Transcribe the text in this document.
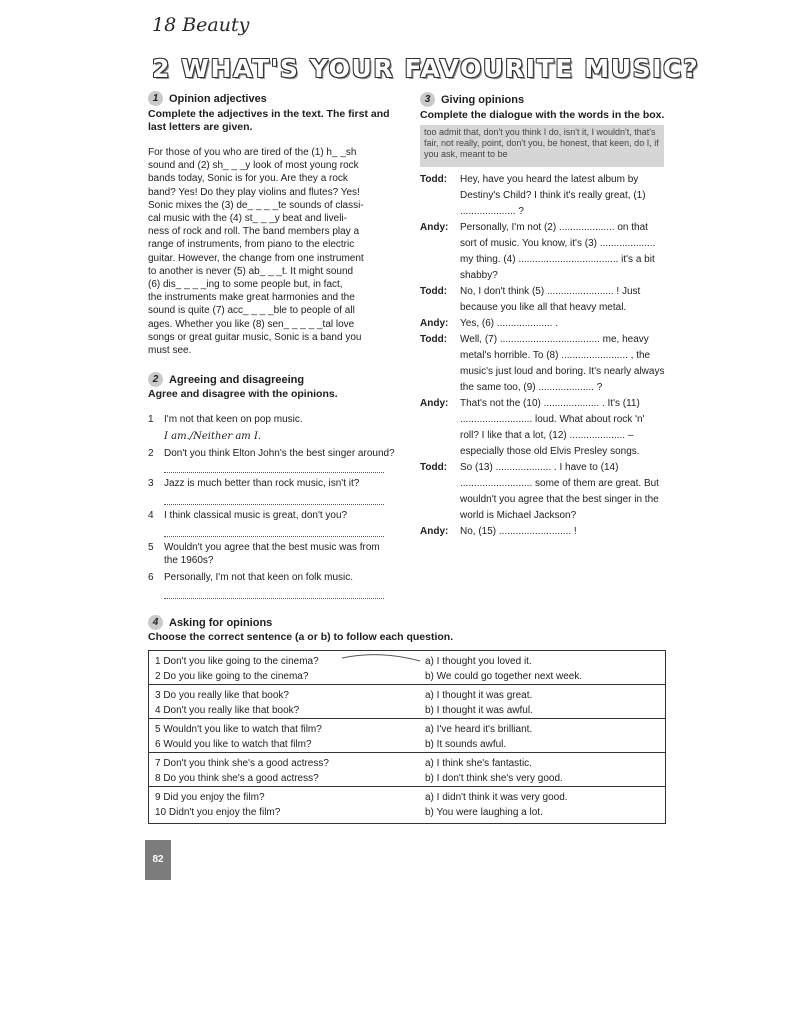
18 Beauty
2 WHAT'S YOUR FAVOURITE MUSIC?
1 Opinion adjectives
Complete the adjectives in the text. The first and last letters are given.
For those of you who are tired of the (1) h_ _sh
sound and (2) sh_ _ _y look of most young rock
bands today, Sonic is for you. Are they a rock
band? Yes! Do they play violins and flutes? Yes!
Sonic mixes the (3) de_ _ _ _te sounds of classi-
cal music with the (4) st_ _ _y beat and liveli-
ness of rock and roll. The band members play a
range of instruments, from piano to the electric
guitar. However, the change from one instrument
to another is never (5) ab_ _ _t. It might sound
(6) dis_ _ _ _ing to some people but, in fact,
the instruments make great harmonies and the
sound is quite (7) acc_ _ _ _ble to people of all
ages. Whether you like (8) sen_ _ _ _ _tal love
songs or great guitar music, Sonic is a band you
must see.
2 Agreeing and disagreeing
Agree and disagree with the opinions.
1 I'm not that keen on pop music.
I am./Neither am I.
2 Don't you think Elton John's the best singer around?
3 Jazz is much better than rock music, isn't it?
4 I think classical music is great, don't you?
5 Wouldn't you agree that the best music was from the 1960s?
6 Personally, I'm not that keen on folk music.
3 Giving opinions
Complete the dialogue with the words in the box.
too admit that, don't you think I do, isn't it, I wouldn't, that's fair, not really, point, don't you, be honest, that keen, do I, if you ask, meant to be
Todd:	Hey, have you heard the latest album by Destiny's Child? I think it's really great, (1) .................... ?
Andy:	Personally, I'm not (2) .................... on that sort of music. You know, it's (3) .................... my thing. (4) .................................... it's a bit shabby?
Todd:	No, I don't think (5) ........................ ! Just because you like all that heavy metal.
Andy:	Yes, (6) .................... .
Todd:	Well, (7) .................................... me, heavy metal's horrible. To (8) ........................ , the music's just loud and boring. It's nearly always the same too, (9) .................... ?
Andy:	That's not the (10) .................... . It's (11) .......................... loud. What about rock 'n' roll? I like that a lot, (12) .................... – especially those old Elvis Presley songs.
Todd:	So (13) .................... . I have to (14) .......................... some of them are great. But wouldn't you agree that the best singer in the world is Michael Jackson?
Andy:	No, (15) .......................... !
4 Asking for opinions
Choose the correct sentence (a or b) to follow each question.
1 Don't you like going to the cinema?	a) I thought you loved it.
2 Do you like going to the cinema?	b) We could go together next week.
3 Do you really like that book?	a) I thought it was great.
4 Don't you really like that book?	b) I thought it was awful.
5 Wouldn't you like to watch that film?	a) I've heard it's brilliant.
6 Would you like to watch that film?	b) It sounds awful.
7 Don't you think she's a good actress?	a) I think she's fantastic.
8 Do you think she's a good actress?	b) I don't think she's very good.
9 Did you enjoy the film?	a) I didn't think it was very good.
10 Didn't you enjoy the film?	b) You were laughing a lot.
82
